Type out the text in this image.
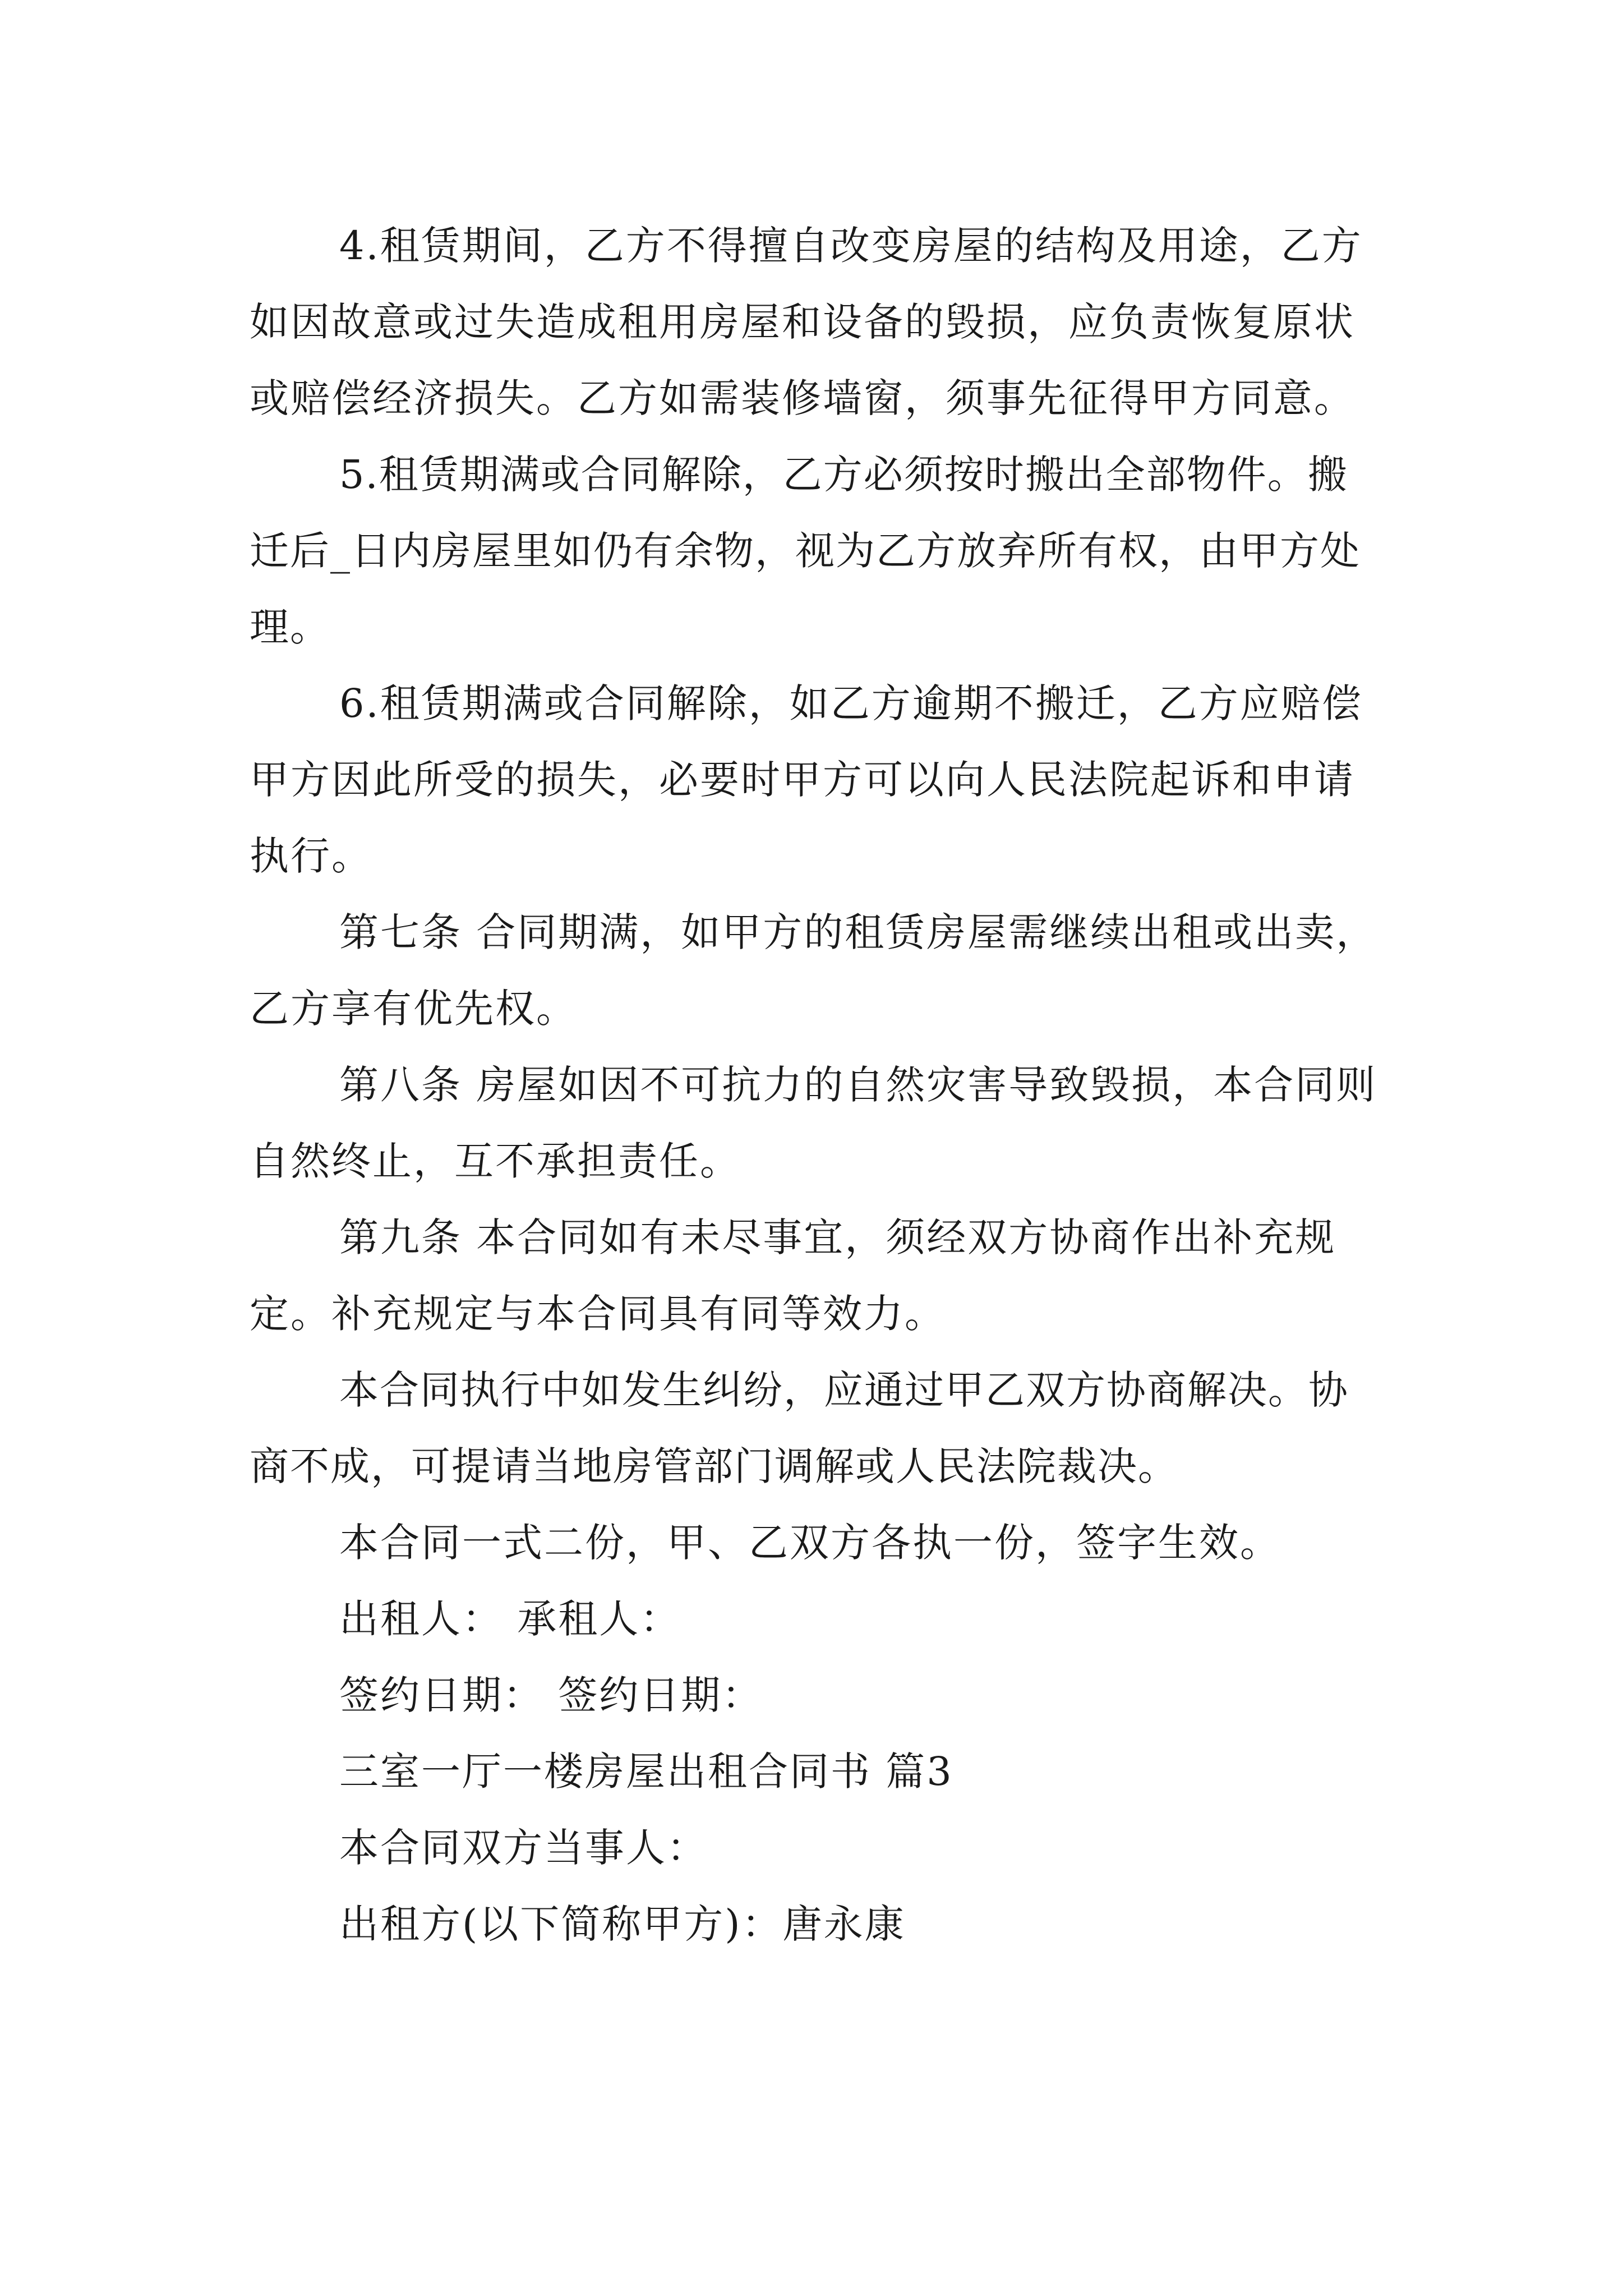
4.租赁期间，乙方不得擅自改变房屋的结构及用途，乙方如因故意或过失造成租用房屋和设备的毁损，应负责恢复原状或赔偿经济损失。乙方如需装修墙窗，须事先征得甲方同意。

5.租赁期满或合同解除，乙方必须按时搬出全部物件。搬迁后_日内房屋里如仍有余物，视为乙方放弃所有权，由甲方处理。

6.租赁期满或合同解除，如乙方逾期不搬迁，乙方应赔偿甲方因此所受的损失，必要时甲方可以向人民法院起诉和申请执行。

第七条 合同期满，如甲方的租赁房屋需继续出租或出卖，乙方享有优先权。

第八条 房屋如因不可抗力的自然灾害导致毁损，本合同则自然终止，互不承担责任。

第九条 本合同如有未尽事宜，须经双方协商作出补充规定。补充规定与本合同具有同等效力。

本合同执行中如发生纠纷，应通过甲乙双方协商解决。协商不成，可提请当地房管部门调解或人民法院裁决。

本合同一式二份，甲、乙双方各执一份，签字生效。

出租人： 承租人：

签约日期： 签约日期：

三室一厅一楼房屋出租合同书 篇3

本合同双方当事人：

出租方(以下简称甲方)：唐永康
